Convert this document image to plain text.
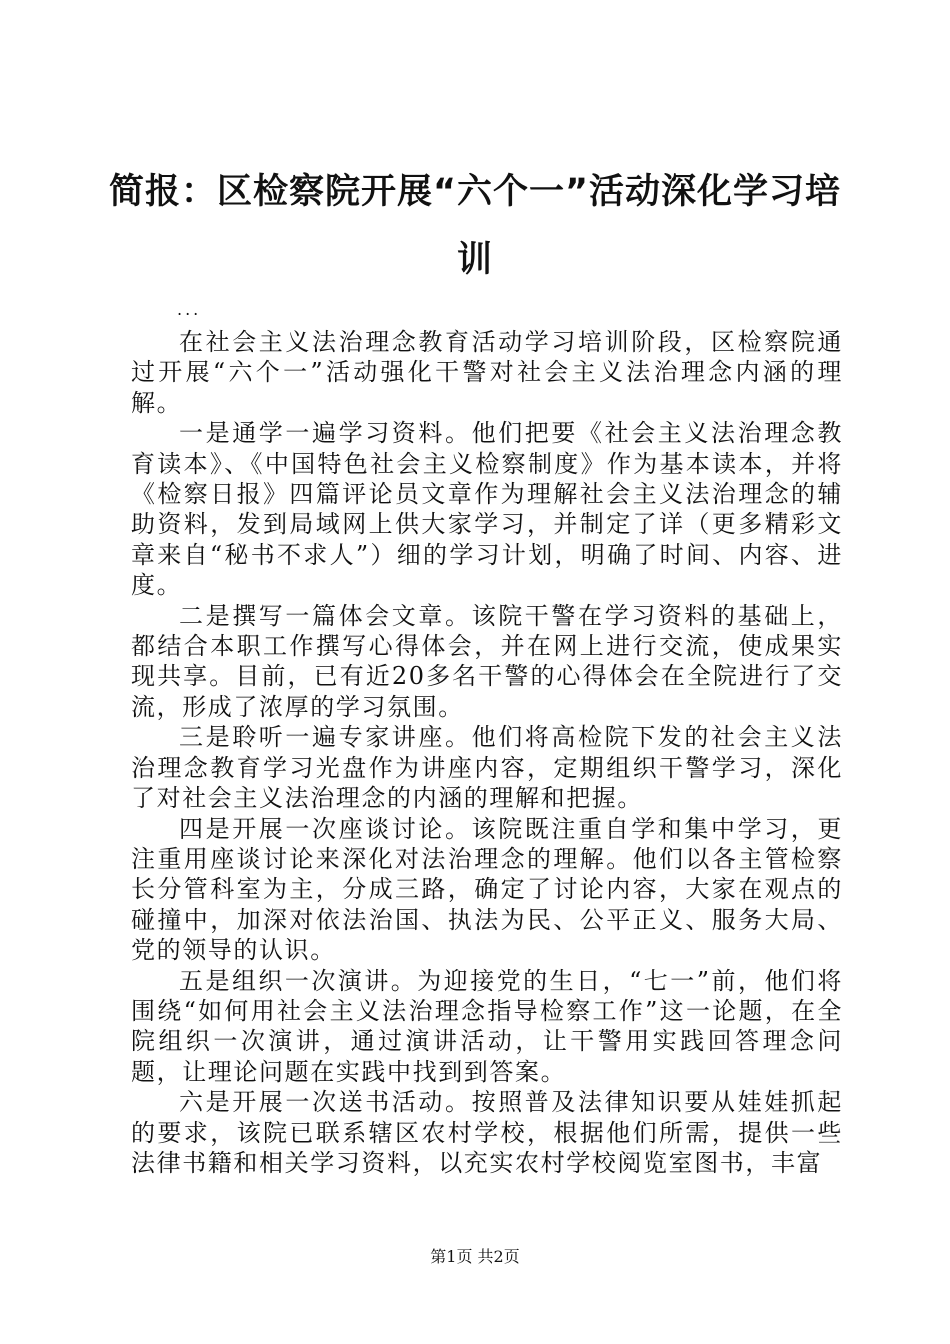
简报：区检察院开展“六个一”活动深化学习培训
...

在社会主义法治理念教育活动学习培训阶段，区检察院通过开展“六个一”活动强化干警对社会主义法治理念内涵的理解。

一是通学一遍学习资料。他们把要《社会主义法治理念教育读本》、《中国特色社会主义检察制度》作为基本读本，并将《检察日报》四篇评论员文章作为理解社会主义法治理念的辅助资料，发到局域网上供大家学习，并制定了详（更多精彩文章来自“秘书不求人”）细的学习计划，明确了时间、内容、进度。

二是撰写一篇体会文章。该院干警在学习资料的基础上，都结合本职工作撰写心得体会，并在网上进行交流，使成果实现共享。目前，已有近20多名干警的心得体会在全院进行了交流，形成了浓厚的学习氛围。

三是聆听一遍专家讲座。他们将高检院下发的社会主义法治理念教育学习光盘作为讲座内容，定期组织干警学习，深化了对社会主义法治理念的内涵的理解和把握。

四是开展一次座谈讨论。该院既注重自学和集中学习，更注重用座谈讨论来深化对法治理念的理解。他们以各主管检察长分管科室为主，分成三路，确定了讨论内容，大家在观点的碰撞中，加深对依法治国、执法为民、公平正义、服务大局、党的领导的认识。

五是组织一次演讲。为迎接党的生日，“七一”前，他们将围绕“如何用社会主义法治理念指导检察工作”这一论题，在全院组织一次演讲，通过演讲活动，让干警用实践回答理念问题，让理论问题在实践中找到到答案。

六是开展一次送书活动。按照普及法律知识要从娃娃抓起的要求，该院已联系辖区农村学校，根据他们所需，提供一些法律书籍和相关学习资料，以充实农村学校阅览室图书，丰富

第1页 共2页
